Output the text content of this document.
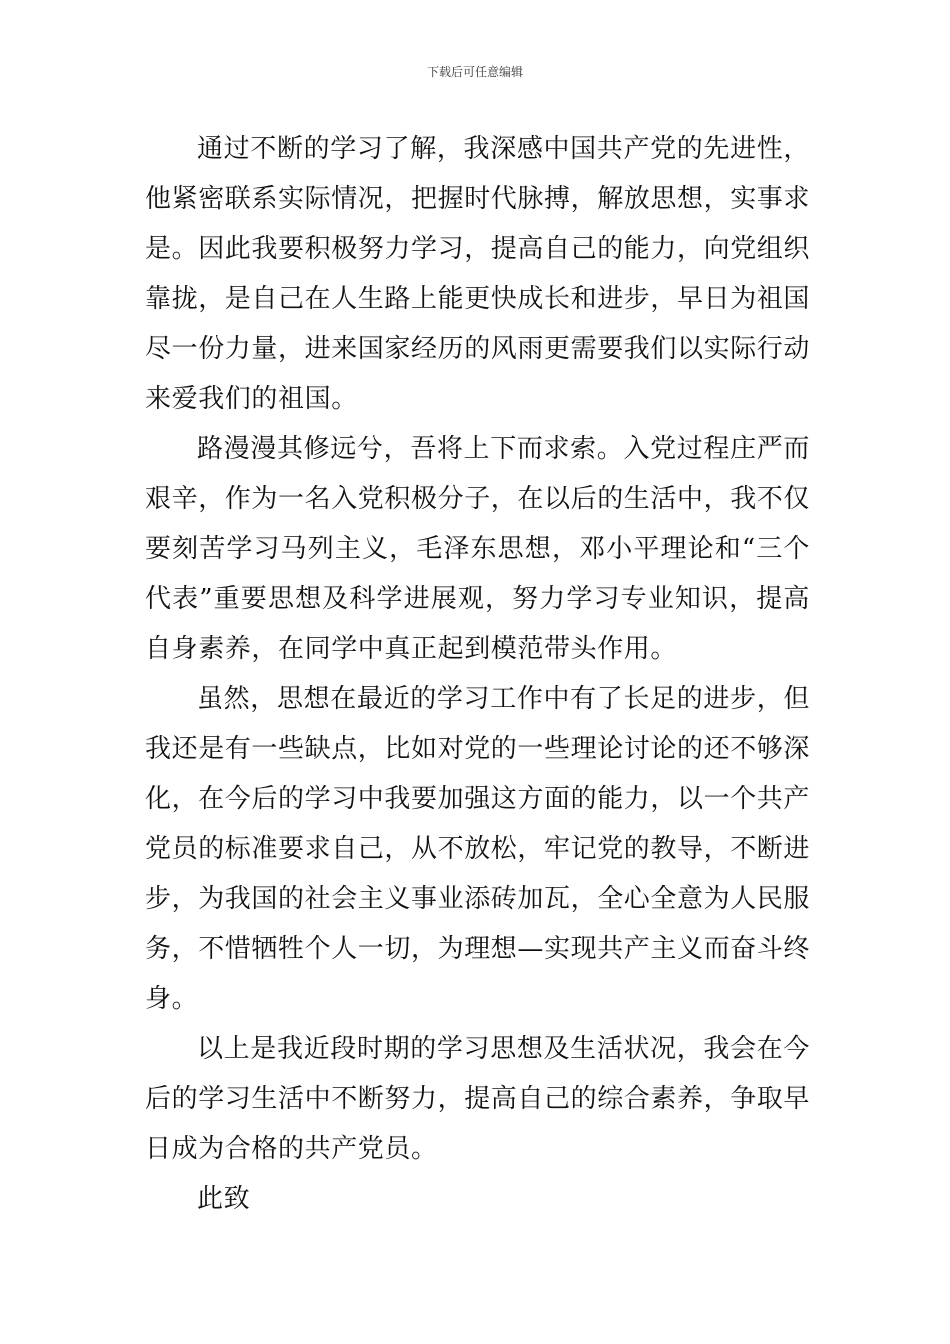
下载后可任意编辑

通过不断的学习了解，我深感中国共产党的先进性，他紧密联系实际情况，把握时代脉搏，解放思想，实事求是。因此我要积极努力学习，提高自己的能力，向党组织靠拢，是自己在人生路上能更快成长和进步，早日为祖国尽一份力量，进来国家经历的风雨更需要我们以实际行动来爱我们的祖国。

路漫漫其修远兮，吾将上下而求索。入党过程庄严而艰辛，作为一名入党积极分子，在以后的生活中，我不仅要刻苦学习马列主义，毛泽东思想，邓小平理论和“三个代表”重要思想及科学进展观，努力学习专业知识，提高自身素养，在同学中真正起到模范带头作用。

虽然，思想在最近的学习工作中有了长足的进步，但我还是有一些缺点，比如对党的一些理论讨论的还不够深化，在今后的学习中我要加强这方面的能力，以一个共产党员的标准要求自己，从不放松，牢记党的教导，不断进步，为我国的社会主义事业添砖加瓦，全心全意为人民服务，不惜牺牲个人一切，为理想—实现共产主义而奋斗终身。

以上是我近段时期的学习思想及生活状况，我会在今后的学习生活中不断努力，提高自己的综合素养，争取早日成为合格的共产党员。

此致
